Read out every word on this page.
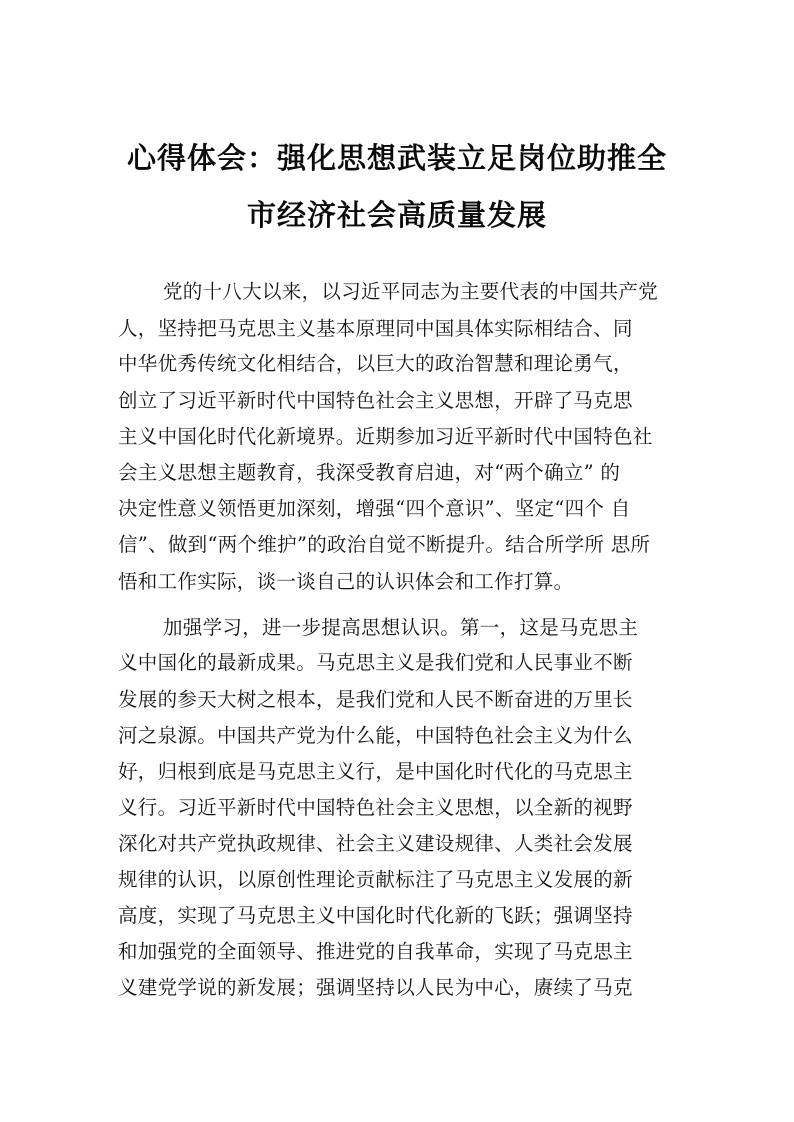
心得体会：强化思想武装立足岗位助推全
市经济社会高质量发展
党的十八大以来，以习近平同志为主要代表的中国共产党
人，坚持把马克思主义基本原理同中国具体实际相结合、同
中华优秀传统文化相结合，以巨大的政治智慧和理论勇气，
创立了习近平新时代中国特色社会主义思想，开辟了马克思
主义中国化时代化新境界。近期参加习近平新时代中国特色社
会主义思想主题教育，我深受教育启迪，对“两个确立” 的
决定性意义领悟更加深刻，增强“四个意识”、坚定“四个 自
信”、做到“两个维护”的政治自觉不断提升。结合所学所 思所
悟和工作实际，谈一谈自己的认识体会和工作打算。
加强学习，进一步提高思想认识。第一，这是马克思主
义中国化的最新成果。马克思主义是我们党和人民事业不断
发展的参天大树之根本，是我们党和人民不断奋进的万里长
河之泉源。中国共产党为什么能，中国特色社会主义为什么
好，归根到底是马克思主义行，是中国化时代化的马克思主
义行。习近平新时代中国特色社会主义思想，以全新的视野
深化对共产党执政规律、社会主义建设规律、人类社会发展
规律的认识，以原创性理论贡献标注了马克思主义发展的新
高度，实现了马克思主义中国化时代化新的飞跃；强调坚持
和加强党的全面领导、推进党的自我革命，实现了马克思主
义建党学说的新发展；强调坚持以人民为中心，赓续了马克
